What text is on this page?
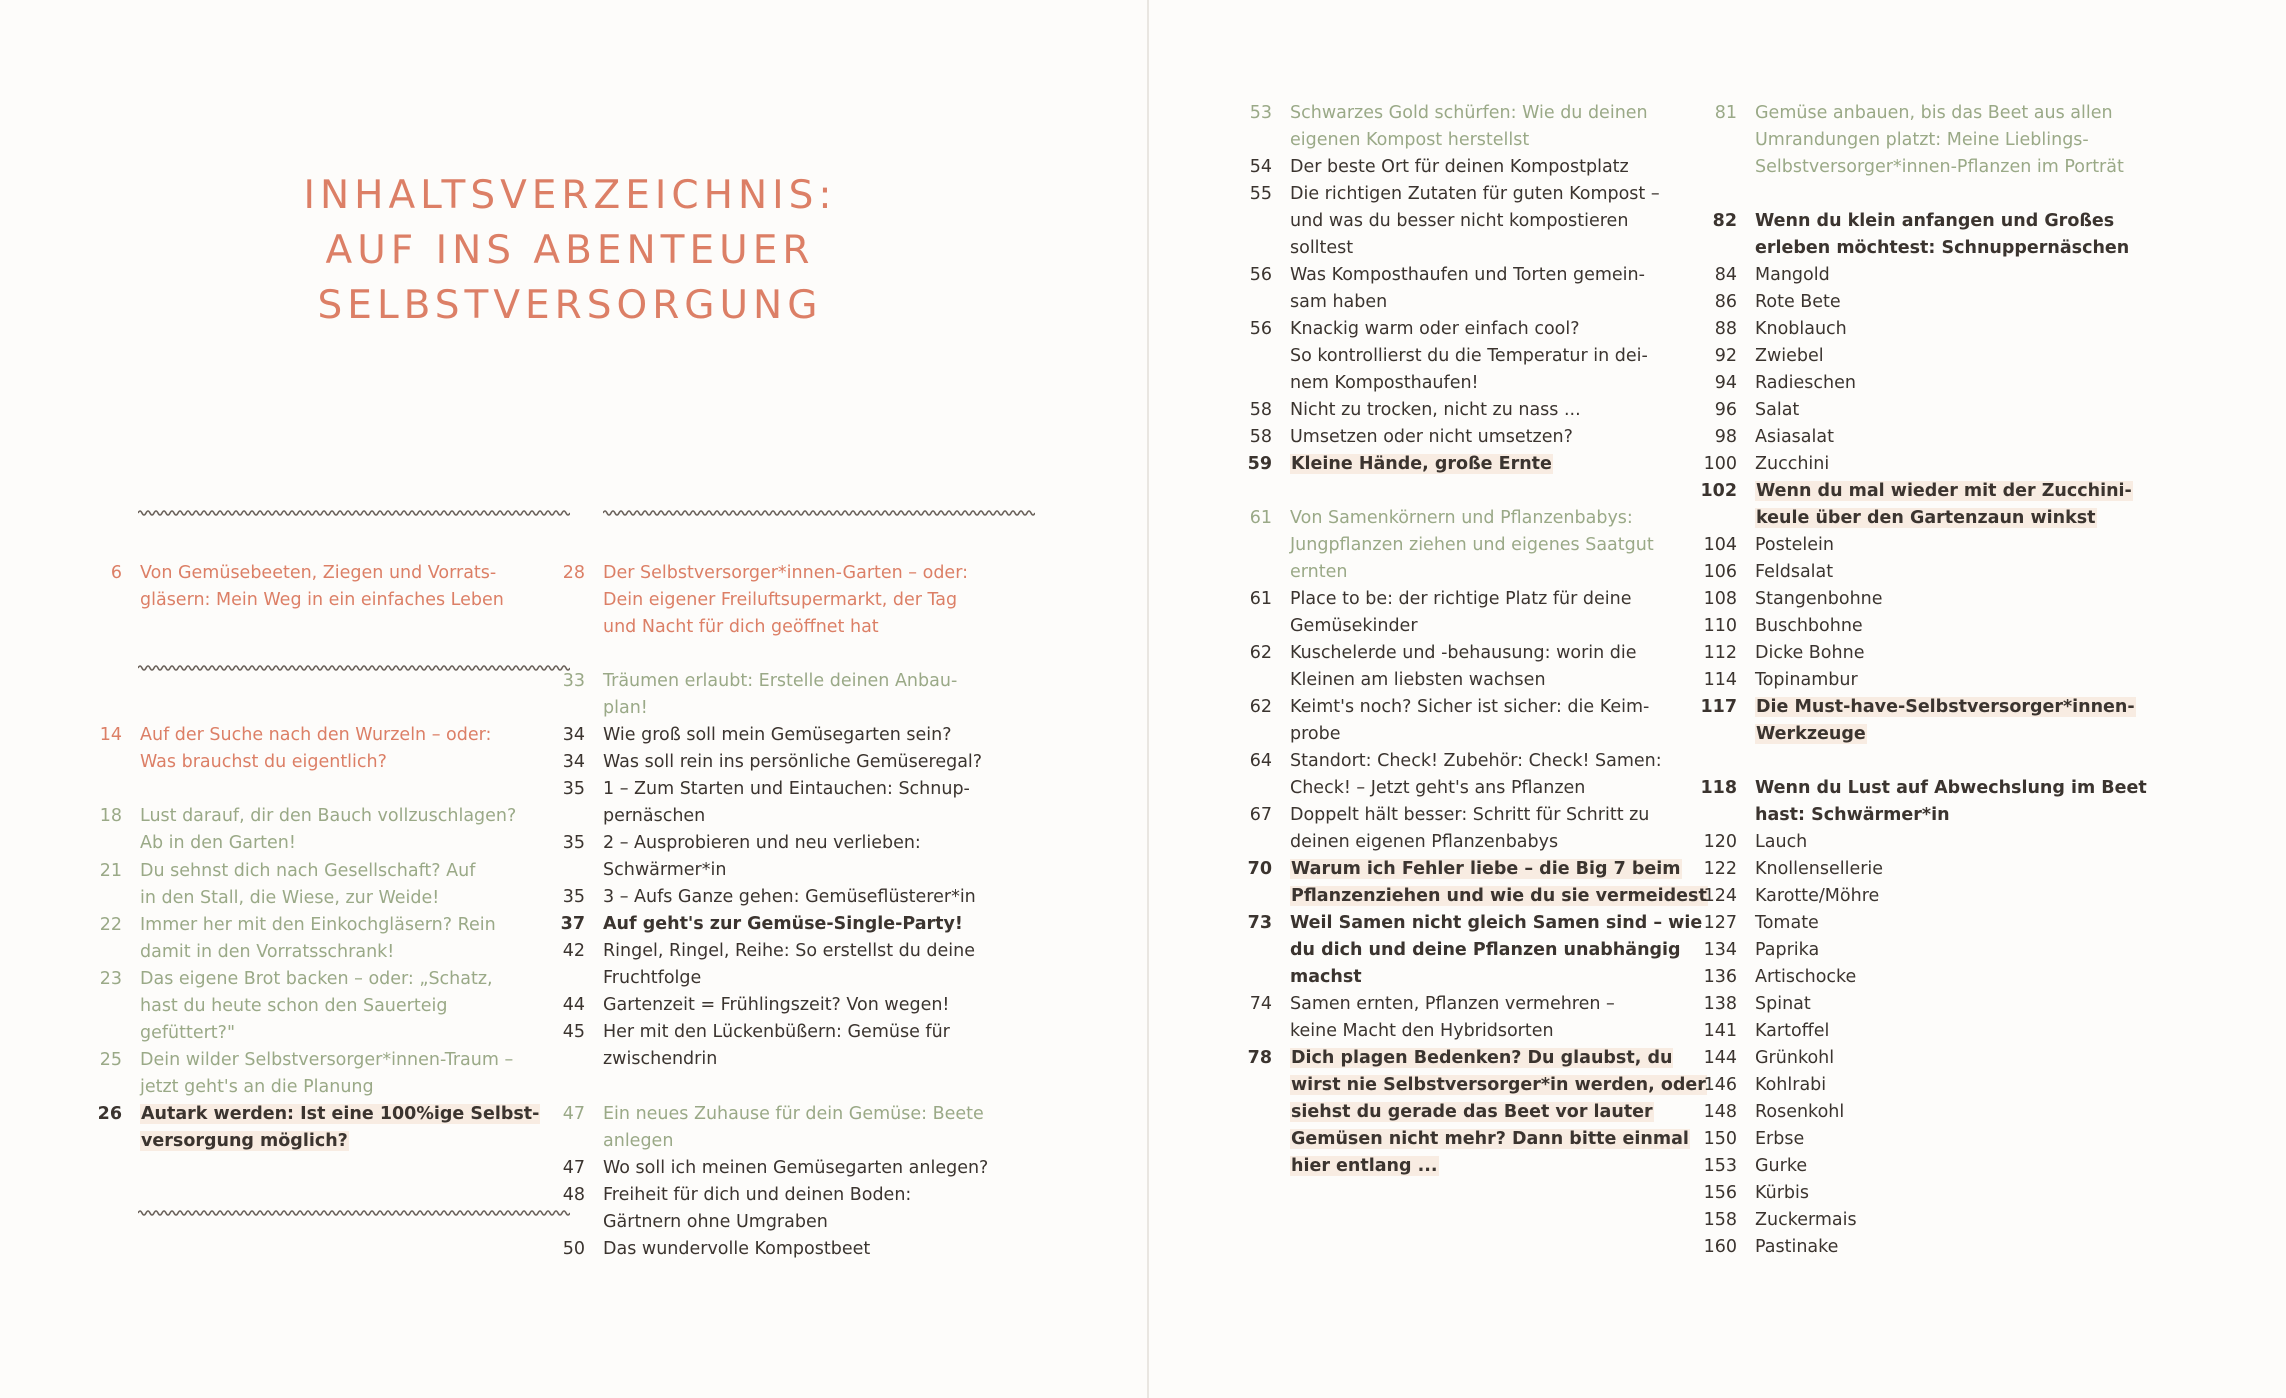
INHALTSVERZEICHNIS:
AUF INS ABENTEUER
SELBSTVERSORGUNG
6 Von Gemüsebeeten, Ziegen und Vorrats-
gläsern: Mein Weg in ein einfaches Leben
14 Auf der Suche nach den Wurzeln – oder:
Was brauchst du eigentlich?
18 Lust darauf, dir den Bauch vollzuschlagen?
Ab in den Garten!
21 Du sehnst dich nach Gesellschaft? Auf
in den Stall, die Wiese, zur Weide!
22 Immer her mit den Einkochgläsern? Rein
damit in den Vorratsschrank!
23 Das eigene Brot backen – oder: „Schatz,
hast du heute schon den Sauerteig
gefüttert?"
25 Dein wilder Selbstversorger*innen-Traum –
jetzt geht's an die Planung
26 Autark werden: Ist eine 100%ige Selbst-
versorgung möglich?
28 Der Selbstversorger*innen-Garten – oder:
Dein eigener Freiluftsupermarkt, der Tag
und Nacht für dich geöffnet hat
33 Träumen erlaubt: Erstelle deinen Anbau-
plan!
34 Wie groß soll mein Gemüsegarten sein?
34 Was soll rein ins persönliche Gemüseregal?
35 1 – Zum Starten und Eintauchen: Schnup-
pernäschen
35 2 – Ausprobieren und neu verlieben:
Schwärmer*in
35 3 – Aufs Ganze gehen: Gemüseflüsterer*in
37 Auf geht's zur Gemüse-Single-Party!
42 Ringel, Ringel, Reihe: So erstellst du deine
Fruchtfolge
44 Gartenzeit = Frühlingszeit? Von wegen!
45 Her mit den Lückenbüßern: Gemüse für
zwischendrin
47 Ein neues Zuhause für dein Gemüse: Beete
anlegen
47 Wo soll ich meinen Gemüsegarten anlegen?
48 Freiheit für dich und deinen Boden:
Gärtnern ohne Umgraben
50 Das wundervolle Kompostbeet
53 Schwarzes Gold schürfen: Wie du deinen
eigenen Kompost herstellst
54 Der beste Ort für deinen Kompostplatz
55 Die richtigen Zutaten für guten Kompost –
und was du besser nicht kompostieren
solltest
56 Was Komposthaufen und Torten gemein-
sam haben
56 Knackig warm oder einfach cool?
So kontrollierst du die Temperatur in dei-
nem Komposthaufen!
58 Nicht zu trocken, nicht zu nass ...
58 Umsetzen oder nicht umsetzen?
59 Kleine Hände, große Ernte
61 Von Samenkörnern und Pflanzenbabys:
Jungpflanzen ziehen und eigenes Saatgut
ernten
61 Place to be: der richtige Platz für deine
Gemüsekinder
62 Kuschelerde und -behausung: worin die
Kleinen am liebsten wachsen
62 Keimt's noch? Sicher ist sicher: die Keim-
probe
64 Standort: Check! Zubehör: Check! Samen:
Check! – Jetzt geht's ans Pflanzen
67 Doppelt hält besser: Schritt für Schritt zu
deinen eigenen Pflanzenbabys
70 Warum ich Fehler liebe – die Big 7 beim
Pflanzenziehen und wie du sie vermeidest
73 Weil Samen nicht gleich Samen sind – wie
du dich und deine Pflanzen unabhängig
machst
74 Samen ernten, Pflanzen vermehren –
keine Macht den Hybridsorten
78 Dich plagen Bedenken? Du glaubst, du
wirst nie Selbstversorger*in werden, oder
siehst du gerade das Beet vor lauter
Gemüsen nicht mehr? Dann bitte einmal
hier entlang ...
81 Gemüse anbauen, bis das Beet aus allen
Umrandungen platzt: Meine Lieblings-
Selbstversorger*innen-Pflanzen im Porträt
82 Wenn du klein anfangen und Großes
erleben möchtest: Schnuppernäschen
84 Mangold
86 Rote Bete
88 Knoblauch
92 Zwiebel
94 Radieschen
96 Salat
98 Asiasalat
100 Zucchini
102 Wenn du mal wieder mit der Zucchini-
keule über den Gartenzaun winkst
104 Postelein
106 Feldsalat
108 Stangenbohne
110 Buschbohne
112 Dicke Bohne
114 Topinambur
117 Die Must-have-Selbstversorger*innen-
Werkzeuge
118 Wenn du Lust auf Abwechslung im Beet
hast: Schwärmer*in
120 Lauch
122 Knollensellerie
124 Karotte/Möhre
127 Tomate
134 Paprika
136 Artischocke
138 Spinat
141 Kartoffel
144 Grünkohl
146 Kohlrabi
148 Rosenkohl
150 Erbse
153 Gurke
156 Kürbis
158 Zuckermais
160 Pastinake
